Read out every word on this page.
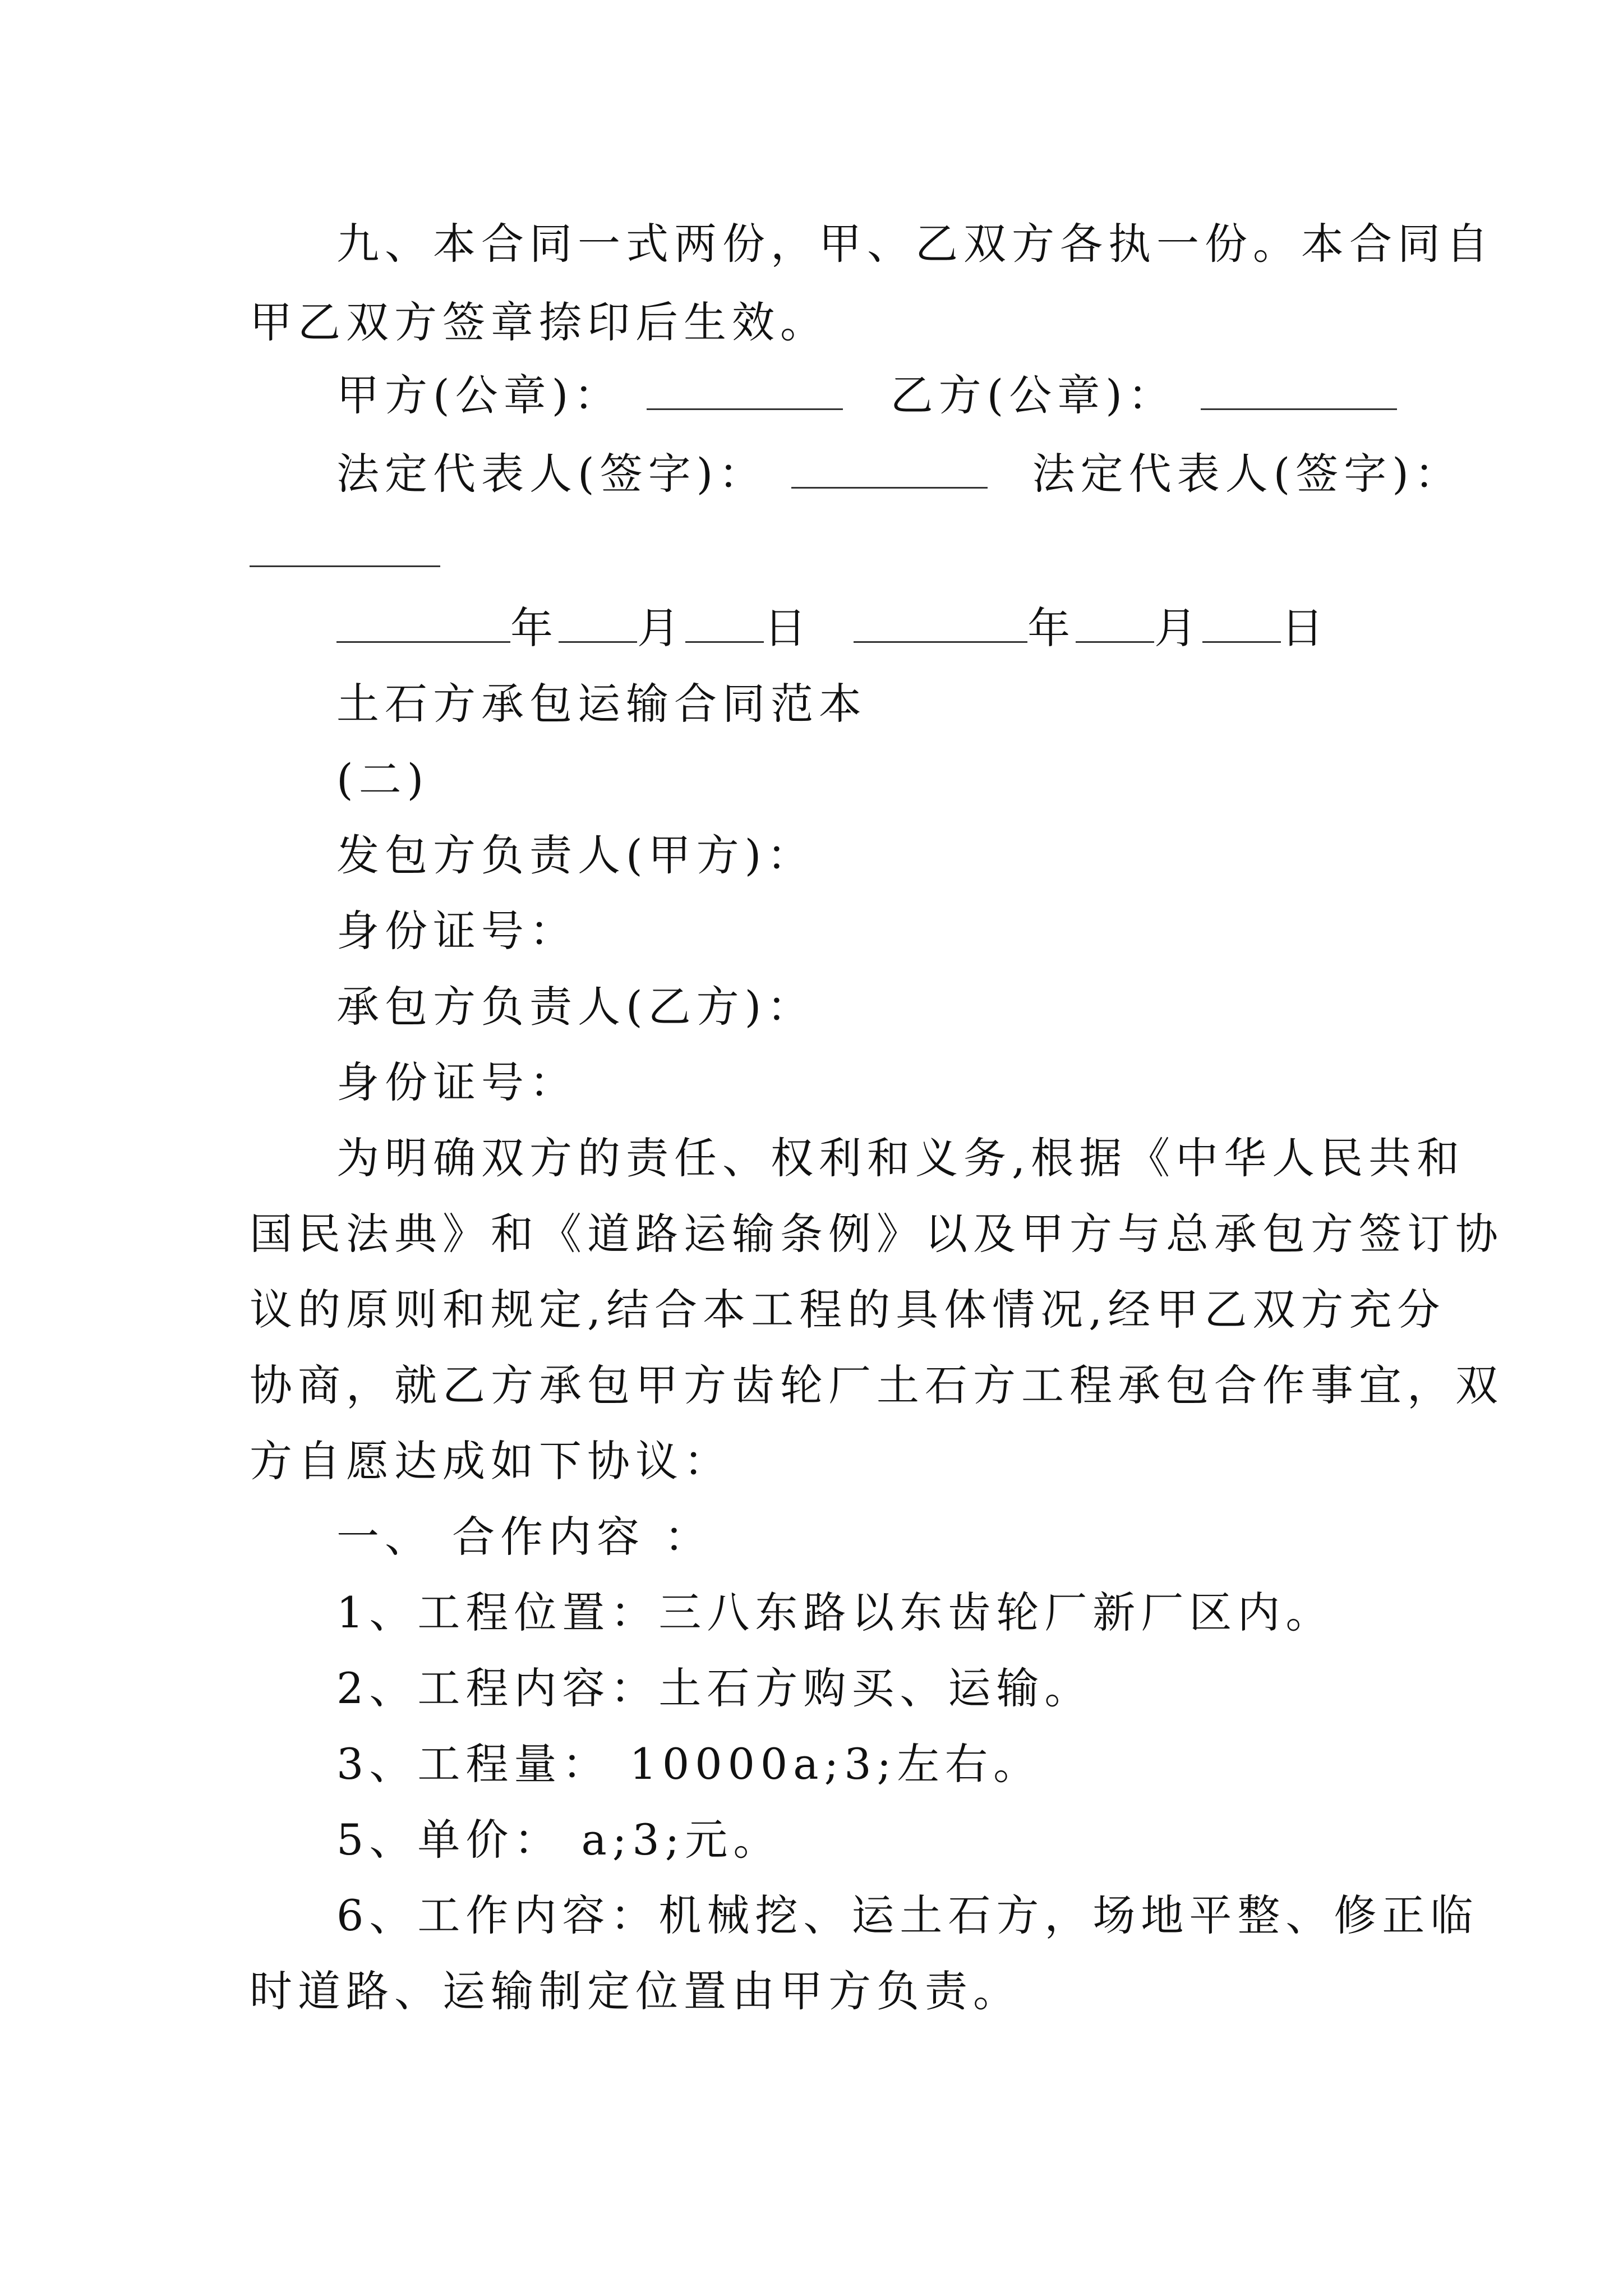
九、本合同一式两份，甲、乙双方各执一份。本合同自
甲乙双方签章捺印后生效。
甲方(公章)：	乙方(公章)：
法定代表人(签字)：	法定代表人(签字)：
年 月 日	年 月 日
土石方承包运输合同范本
(二)
发包方负责人(甲方)：
身份证号：
承包方负责人(乙方)：
身份证号：
为明确双方的责任、权利和义务,根据《中华人民共和
国民法典》和《道路运输条例》以及甲方与总承包方签订协
议的原则和规定,结合本工程的具体情况,经甲乙双方充分
协商，就乙方承包甲方齿轮厂土石方工程承包合作事宜，双
方自愿达成如下协议：
一、 合作内容 ：
1、工程位置：三八东路以东齿轮厂新厂区内。
2、工程内容：土石方购买、运输。
3、工程量： 10000a;3;左右。
5、单价： a;3;元。
6、工作内容：机械挖、运土石方，场地平整、修正临
时道路、运输制定位置由甲方负责。
